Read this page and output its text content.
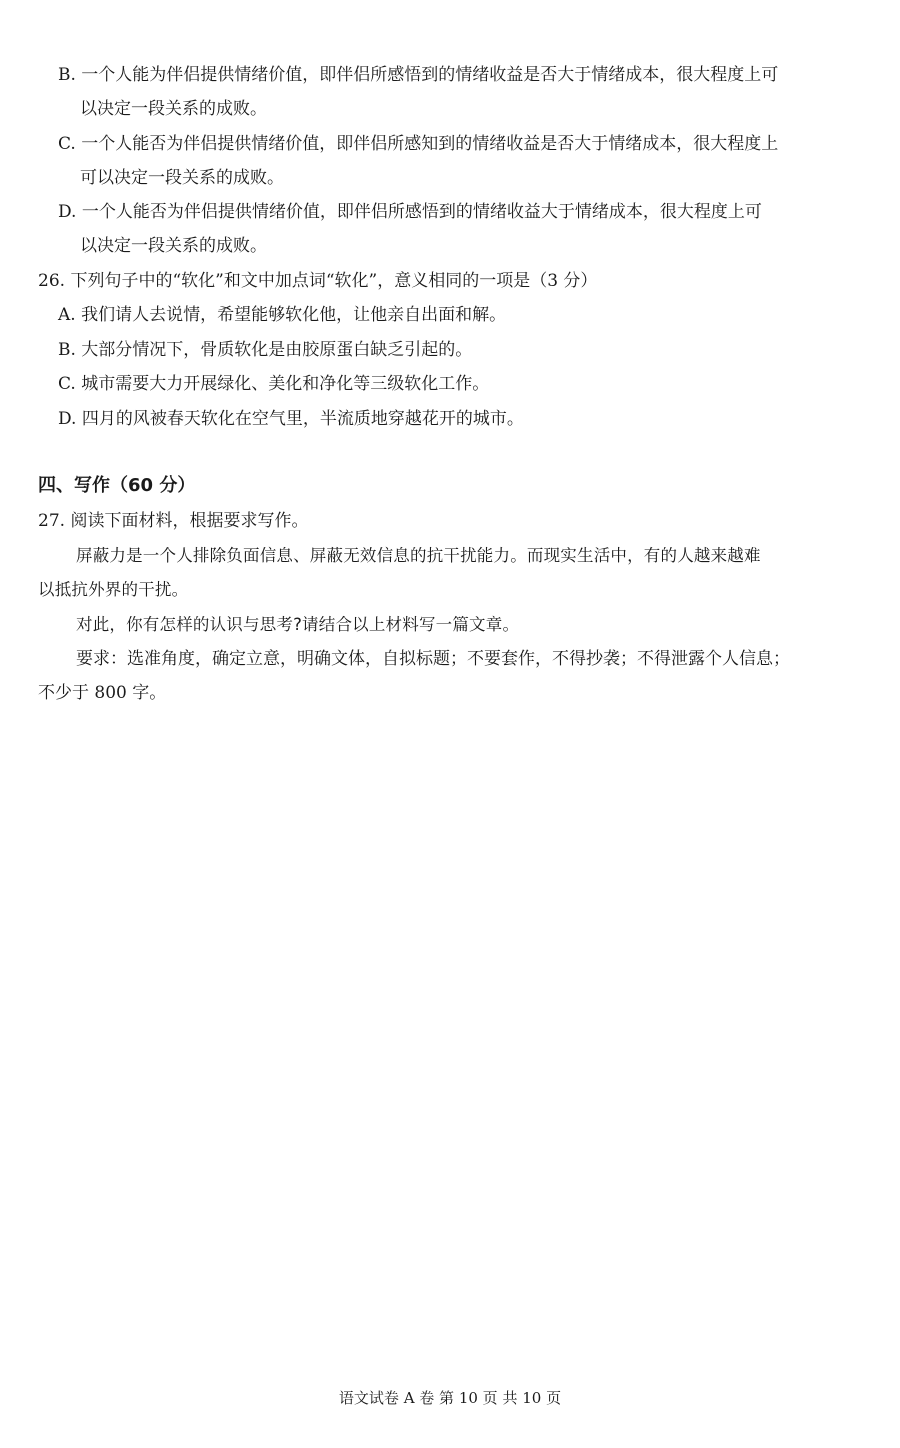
B. 一个人能为伴侣提供情绪价值，即伴侣所感悟到的情绪收益是否大于情绪成本，很大程度上可
以决定一段关系的成败。
C. 一个人能否为伴侣提供情绪价值，即伴侣所感知到的情绪收益是否大于情绪成本，很大程度上
可以决定一段关系的成败。
D. 一个人能否为伴侣提供情绪价值，即伴侣所感悟到的情绪收益大于情绪成本，很大程度上可
以决定一段关系的成败。
26. 下列句子中的“软化”和文中加点词“软化”，意义相同的一项是（3 分）
A. 我们请人去说情，希望能够软化他，让他亲自出面和解。
B. 大部分情况下，骨质软化是由胶原蛋白缺乏引起的。
C. 城市需要大力开展绿化、美化和净化等三级软化工作。
D. 四月的风被春天软化在空气里，半流质地穿越花开的城市。
四、写作（60 分）
27. 阅读下面材料，根据要求写作。
屏蔽力是一个人排除负面信息、屏蔽无效信息的抗干扰能力。而现实生活中，有的人越来越难
以抵抗外界的干扰。
对此，你有怎样的认识与思考?请结合以上材料写一篇文章。
要求：选准角度，确定立意，明确文体，自拟标题；不要套作，不得抄袭；不得泄露个人信息；
不少于 800 字。
语文试卷 A 卷 第 10 页 共 10 页
